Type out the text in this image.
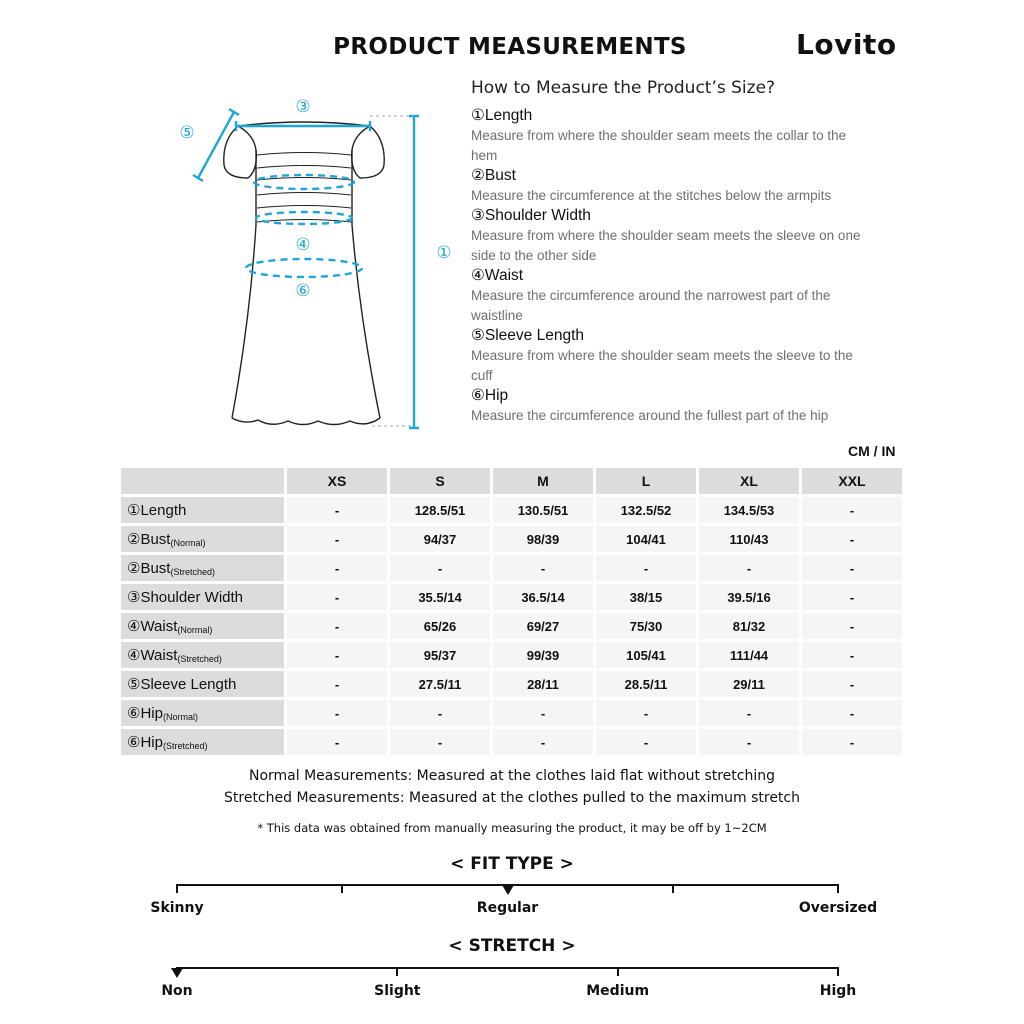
PRODUCT MEASUREMENTS	Lovito
③
⑤
④
⑥
①
How to Measure the Product’s Size?
①Length
Measure from where the shoulder seam meets the collar to the hem
②Bust
Measure the circumference at the stitches below the armpits
③Shoulder Width
Measure from where the shoulder seam meets the sleeve on one side to the other side
④Waist
Measure the circumference around the narrowest part of the waistline
⑤Sleeve Length
Measure from where the shoulder seam meets the sleeve to the cuff
⑥Hip
Measure the circumference around the fullest part of the hip
CM / IN
	XS	S	M	L	XL	XXL
①Length	-	128.5/51	130.5/51	132.5/52	134.5/53	-
②Bust$_{(Normal)}$	-	94/37	98/39	104/41	110/43	-
②Bust$_{(Stretched)}$	-	-	-	-	-	-
③Shoulder Width	-	35.5/14	36.5/14	38/15	39.5/16	-
④Waist$_{(Normal)}$	-	65/26	69/27	75/30	81/32	-
④Waist$_{(Stretched)}$	-	95/37	99/39	105/41	111/44	-
⑤Sleeve Length	-	27.5/11	28/11	28.5/11	29/11	-
⑥Hip$_{(Normal)}$	-	-	-	-	-	-
⑥Hip$_{(Stretched)}$	-	-	-	-	-	-
Normal Measurements: Measured at the clothes laid flat without stretching
Stretched Measurements: Measured at the clothes pulled to the maximum stretch
* This data was obtained from manually measuring the product, it may be off by 1~2CM
< FIT TYPE >
Skinny	Regular	Oversized
< STRETCH >
Non	Slight	Medium	High
